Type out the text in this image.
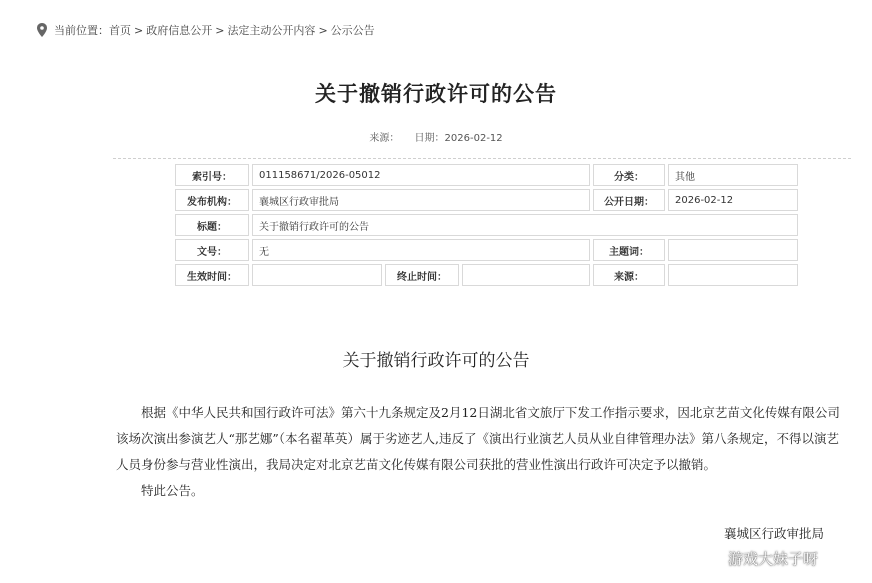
当前位置： 首页 > 政府信息公开 > 法定主动公开内容 > 公示公告
关于撤销行政许可的公告
来源： 日期：2026-02-12
索引号：	011158671/2026-05012			分类：	其他
发布机构：	襄城区行政审批局			公开日期：	2026-02-12
标题：	关于撤销行政许可的公告				
文号：	无			主题词：	
生效时间：		终止时间：		来源：	
关于撤销行政许可的公告

根据《中华人民共和国行政许可法》第六十九条规定及2月12日湖北省文旅厅下发工作指示要求，因北京艺苗文化传媒有限公司该场次演出参演艺人“那艺娜”（本名翟革英）属于劣迹艺人,违反了《演出行业演艺人员从业自律管理办法》第八条规定，不得以演艺人员身份参与营业性演出，我局决定对北京艺苗文化传媒有限公司获批的营业性演出行政许可决定予以撤销。

特此公告。

襄城区行政审批局
游戏大妹子呀
